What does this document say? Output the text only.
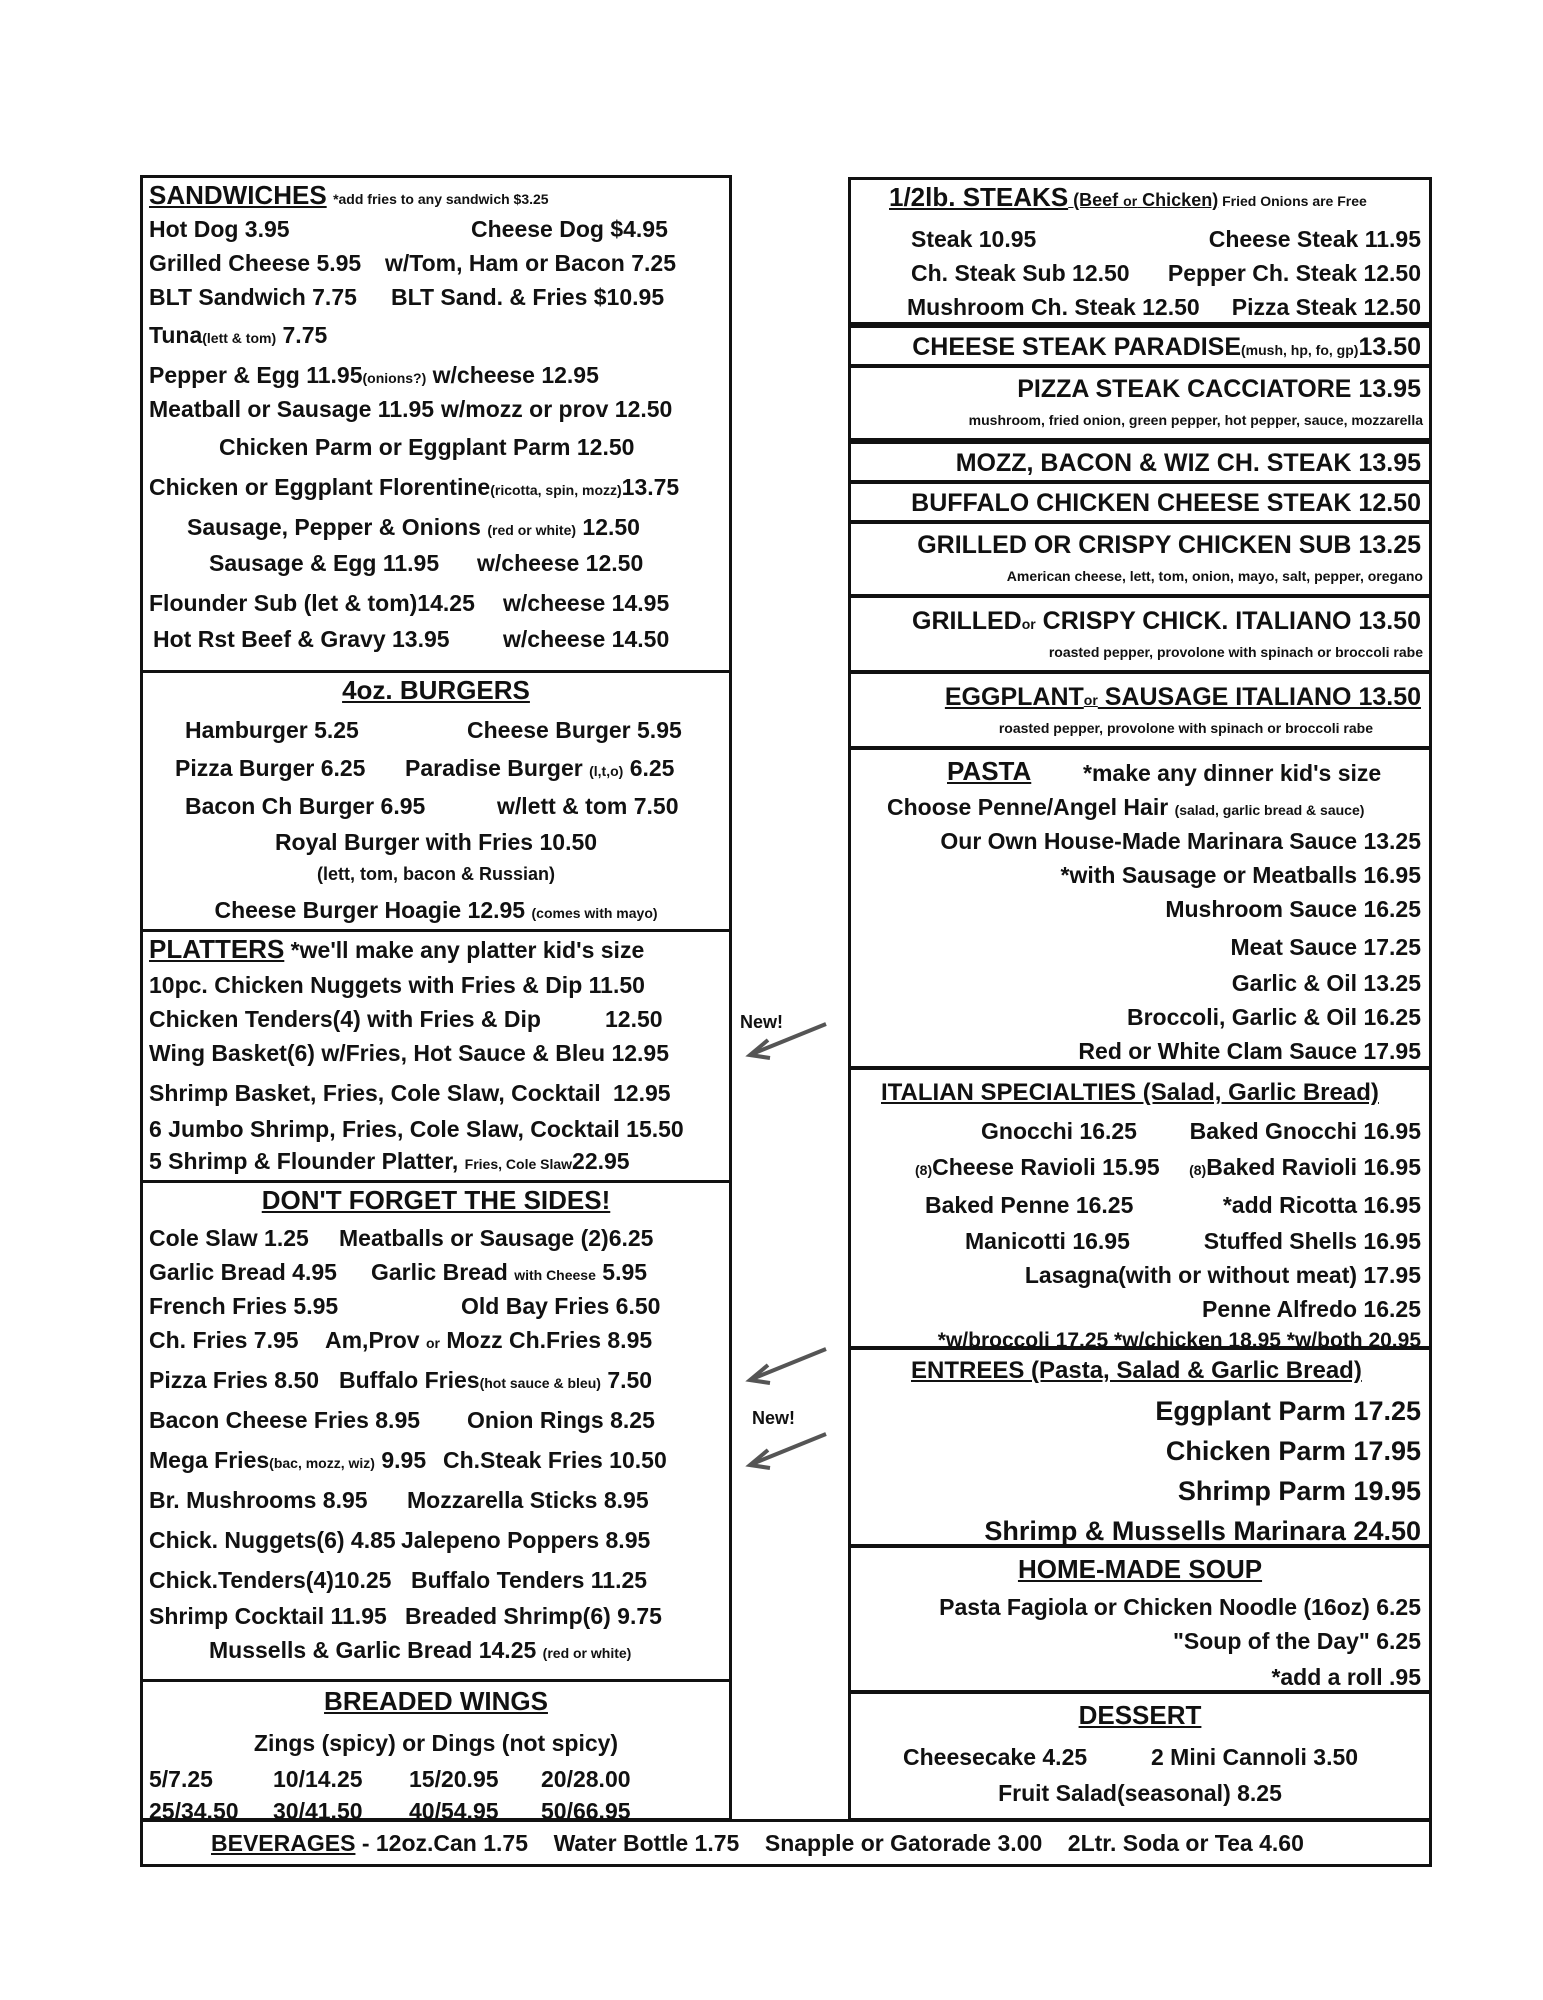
SANDWICHES *add fries to any sandwich $3.25
Hot Dog 3.95	Cheese Dog $4.95
Grilled Cheese 5.95 w/Tom, Ham or Bacon 7.25
BLT Sandwich 7.75 BLT Sand. & Fries $10.95
Tuna(lett & tom) 7.75
Pepper & Egg 11.95(onions?) w/cheese 12.95
Meatball or Sausage 11.95 w/mozz or prov 12.50
Chicken Parm or Eggplant Parm 12.50
Chicken or Eggplant Florentine(ricotta, spin, mozz)13.75
Sausage, Pepper & Onions (red or white) 12.50
Sausage & Egg 11.95 w/cheese 12.50
Flounder Sub (let & tom)14.25 w/cheese 14.95
Hot Rst Beef & Gravy 13.95 w/cheese 14.50
4oz. BURGERS
Hamburger 5.25	Cheese Burger 5.95
Pizza Burger 6.25 Paradise Burger (l,t,o) 6.25
Bacon Ch Burger 6.95	w/lett & tom 7.50
Royal Burger with Fries 10.50
(lett, tom, bacon & Russian)
Cheese Burger Hoagie 12.95 (comes with mayo)
PLATTERS *we'll make any platter kid's size
10pc. Chicken Nuggets with Fries & Dip 11.50
Chicken Tenders(4) with Fries & Dip	12.50
Wing Basket(6) w/Fries, Hot Sauce & Bleu 12.95
Shrimp Basket, Fries, Cole Slaw, Cocktail 12.95
6 Jumbo Shrimp, Fries, Cole Slaw, Cocktail 15.50
5 Shrimp & Flounder Platter, Fries, Cole Slaw22.95
DON'T FORGET THE SIDES!
Cole Slaw 1.25 Meatballs or Sausage (2)6.25
Garlic Bread 4.95 Garlic Bread with Cheese 5.95
French Fries 5.95	Old Bay Fries 6.50
Ch. Fries 7.95 Am,Prov or Mozz Ch.Fries 8.95
Pizza Fries 8.50 Buffalo Fries(hot sauce & bleu) 7.50
Bacon Cheese Fries 8.95 Onion Rings 8.25
Mega Fries(bac, mozz, wiz) 9.95 Ch.Steak Fries 10.50
Br. Mushrooms 8.95 Mozzarella Sticks 8.95
Chick. Nuggets(6) 4.85 Jalepeno Poppers 8.95
Chick.Tenders(4)10.25 Buffalo Tenders 11.25
Shrimp Cocktail 11.95 Breaded Shrimp(6) 9.75
Mussells & Garlic Bread 14.25 (red or white)
BREADED WINGS
Zings (spicy) or Dings (not spicy)
5/7.25	10/14.25 15/20.95 20/28.00
25/34.50 30/41.50 40/54.95 50/66.95
New!
New!
1/2lb. STEAKS (Beef or Chicken) Fried Onions are Free
Steak 10.95	Cheese Steak 11.95
Ch. Steak Sub 12.50 Pepper Ch. Steak 12.50
Mushroom Ch. Steak 12.50 Pizza Steak 12.50
CHEESE STEAK PARADISE(mush, hp, fo, gp)13.50
PIZZA STEAK CACCIATORE 13.95
mushroom, fried onion, green pepper, hot pepper, sauce, mozzarella
MOZZ, BACON & WIZ CH. STEAK 13.95
BUFFALO CHICKEN CHEESE STEAK 12.50
GRILLED OR CRISPY CHICKEN SUB 13.25
American cheese, lett, tom, onion, mayo, salt, pepper, oregano
GRILLEDor CRISPY CHICK. ITALIANO 13.50
roasted pepper, provolone with spinach or broccoli rabe
EGGPLANTor SAUSAGE ITALIANO 13.50
roasted pepper, provolone with spinach or broccoli rabe
PASTA *make any dinner kid's size
Choose Penne/Angel Hair (salad, garlic bread & sauce)
Our Own House-Made Marinara Sauce 13.25
*with Sausage or Meatballs 16.95
Mushroom Sauce 16.25
Meat Sauce 17.25
Garlic & Oil 13.25
Broccoli, Garlic & Oil 16.25
Red or White Clam Sauce 17.95
ITALIAN SPECIALTIES (Salad, Garlic Bread)
Gnocchi 16.25 Baked Gnocchi 16.95
(8)Cheese Ravioli 15.95 (8)Baked Ravioli 16.95
Baked Penne 16.25	*add Ricotta 16.95
Manicotti 16.95	Stuffed Shells 16.95
Lasagna(with or without meat) 17.95
Penne Alfredo 16.25
*w/broccoli 17.25 *w/chicken 18.95 *w/both 20.95
ENTREES (Pasta, Salad & Garlic Bread)
Eggplant Parm 17.25
Chicken Parm 17.95
Shrimp Parm 19.95
Shrimp & Mussells Marinara 24.50
HOME-MADE SOUP
Pasta Fagiola or Chicken Noodle (16oz) 6.25
"Soup of the Day" 6.25
*add a roll .95
DESSERT
Cheesecake 4.25	2 Mini Cannoli 3.50
Fruit Salad(seasonal) 8.25
BEVERAGES - 12oz.Can 1.75    Water Bottle 1.75    Snapple or Gatorade 3.00    2Ltr. Soda or Tea 4.60
